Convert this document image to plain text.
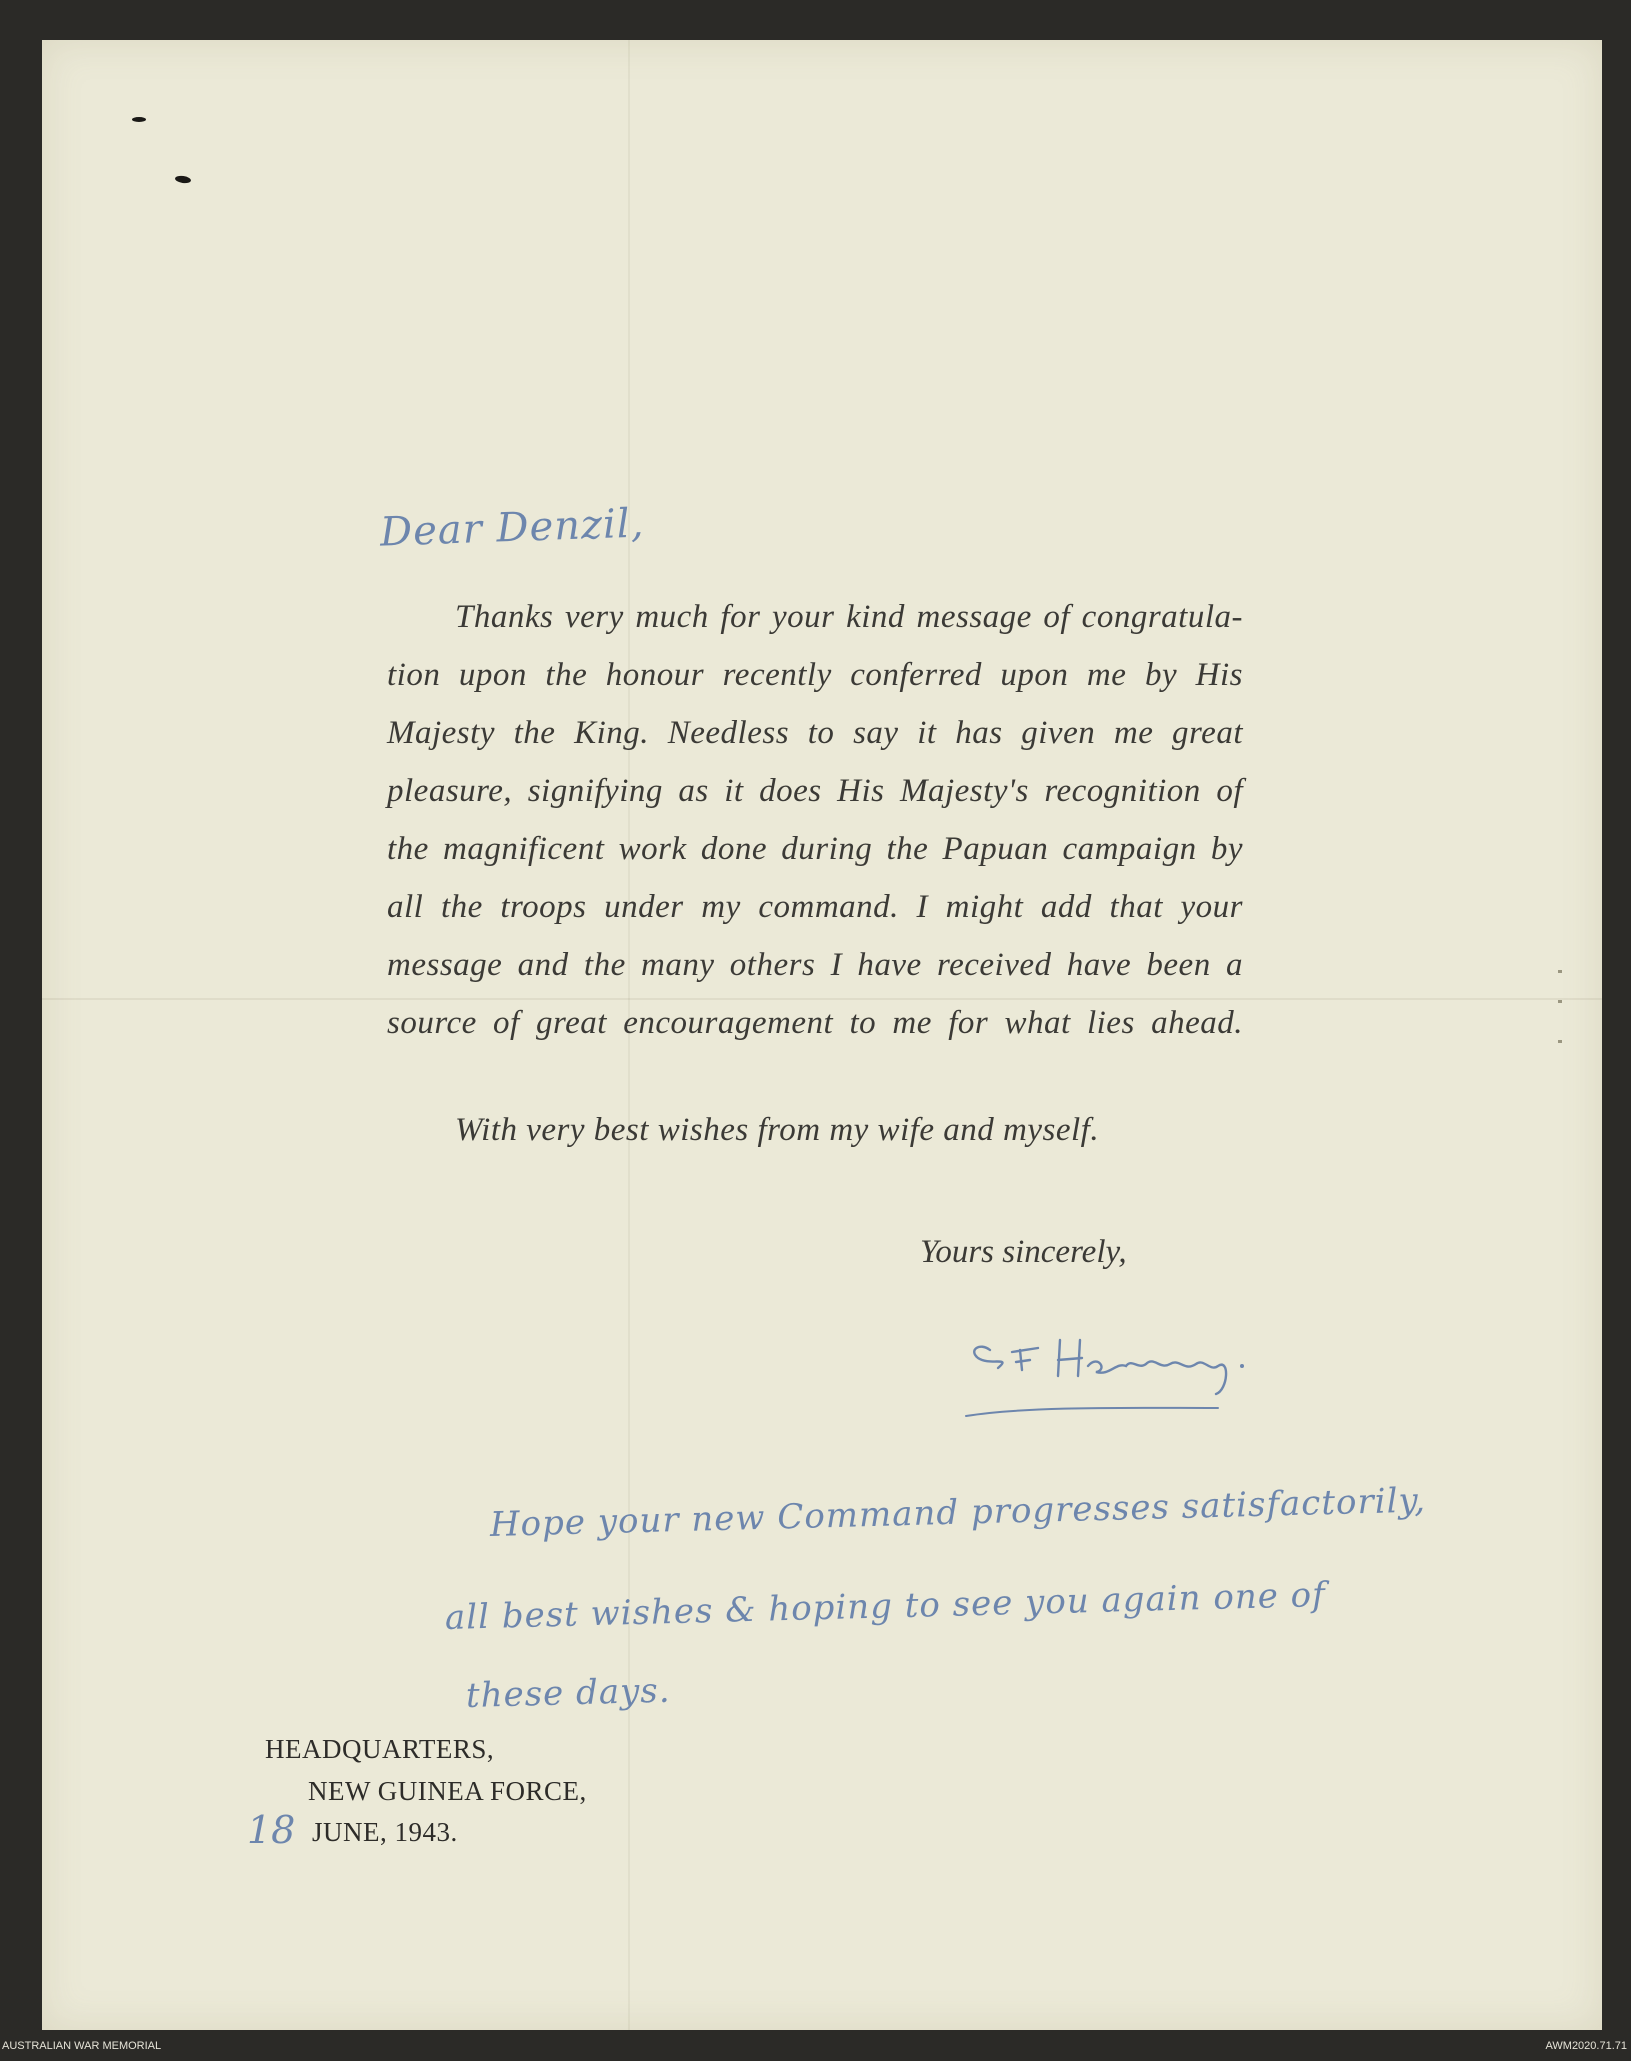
Dear Denzil,
Thanks very much for your kind message of congratula-
tion upon the honour recently conferred upon me by His
Majesty the King. Needless to say it has given me great
pleasure, signifying as it does His Majesty's recognition of
the magnificent work done during the Papuan campaign by
all the troops under my command. I might add that your
message and the many others I have received have been a
source of great encouragement to me for what lies ahead.
With very best wishes from my wife and myself.
Yours sincerely,
Hope your new Command progresses satisfactorily,
all best wishes & hoping to see you again one of
these days.
HEADQUARTERS,
NEW GUINEA FORCE,
18 JUNE, 1943.
AUSTRALIAN WAR MEMORIAL	AWM2020.71.71
